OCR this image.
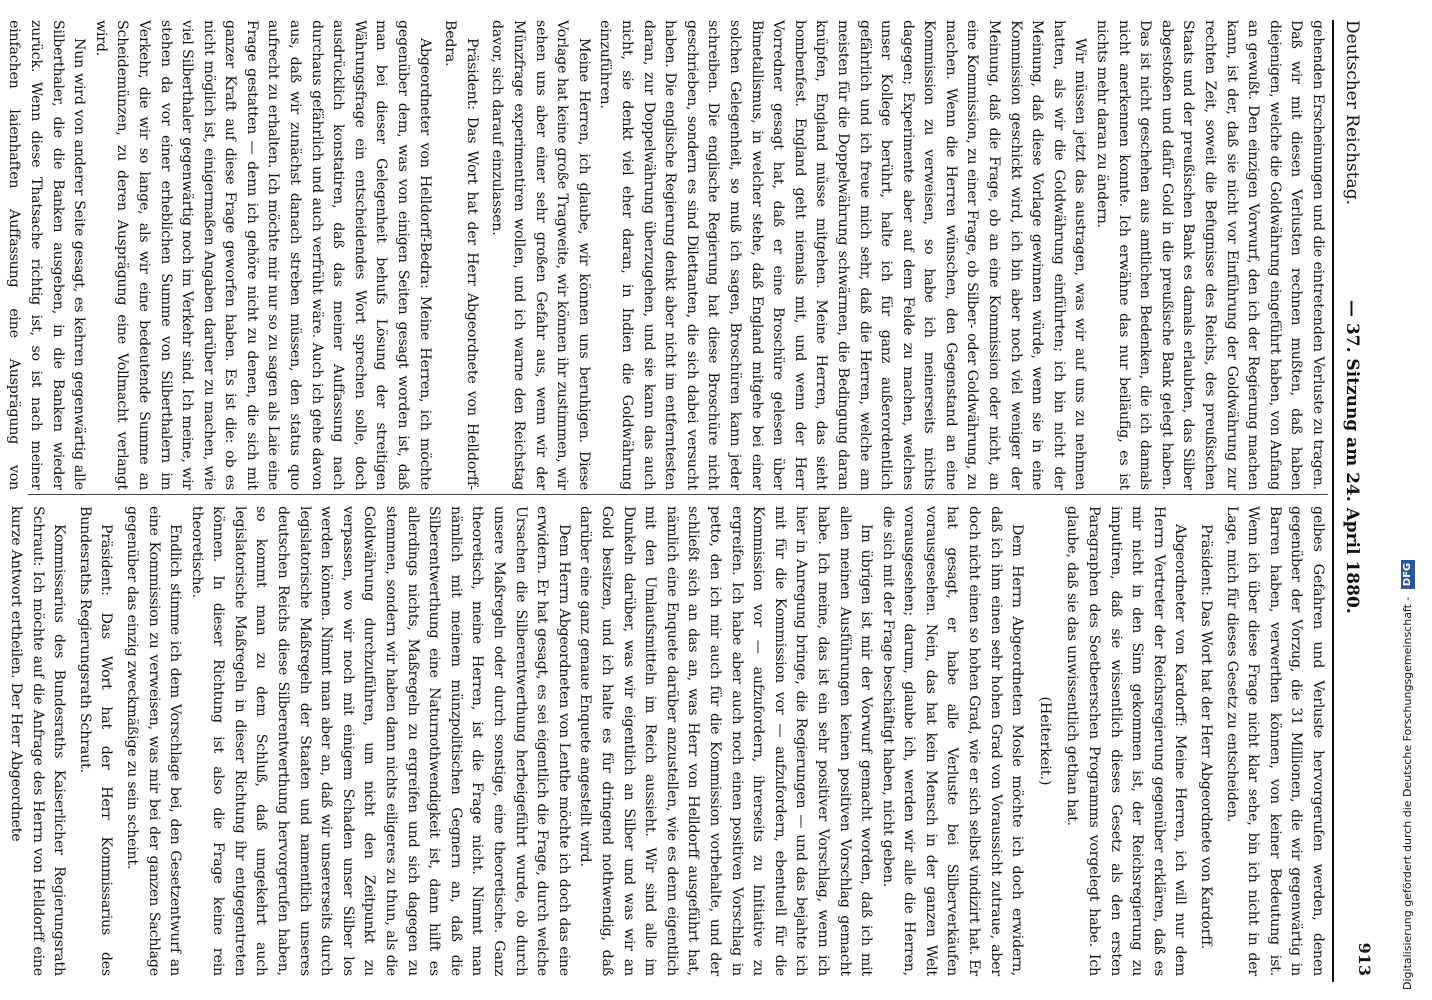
Deutscher Reichstag.
— 37. Sitzung am 24. April 1880.
913

gehenden Erscheinungen und die eintretenden Verluste zu tragen. Daß wir mit diesen Verlusten rechnen mußten, daß haben diejenigen, welche die Goldwährung eingeführt haben, von Anfang an gewußt. Den einzigen Vorwurf, den ich der Regierung machen kann, ist der, daß sie nicht vor Einführung der Goldwährung zur rechten Zeit, soweit die Befugnisse des Reichs, des preußischen Staats und der preußischen Bank es damals erlaubten, das Silber abgestoßen und dafür Gold in die preußische Bank gelegt haben. Das ist nicht geschehen aus amtlichen Bedenken, die ich damals nicht anerkennen konnte. Ich erwähne das nur beiläufig, es ist nichts mehr daran zu ändern.

Wir müssen jetzt das austragen, was wir auf uns zu nehmen hatten, als wir die Goldwährung einführten; ich bin nicht der Meinung, daß diese Vorlage gewinnen würde, wenn sie in eine Kommission geschickt wird, ich bin aber noch viel weniger der Meinung, daß die Frage, ob an eine Kommission oder nicht, an eine Kommission, zu einer Frage, ob Silber- oder Goldwährung, zu machen. Wenn die Herren wünschen, den Gegenstand an eine Kommission zu verweisen, so habe ich meinerseits nichts dagegen; Experimente aber auf dem Felde zu machen, welches unser Kollege berührt, halte ich für ganz außerordentlich gefährlich und ich freue mich sehr, daß die Herren, welche am meisten für die Doppelwährung schwärmen, die Bedingung daran knüpfen, England müsse mitgehen. Meine Herren, das sieht bombenfest. England geht niemals mit, und wenn der Herr Vorredner gesagt hat, daß er eine Broschüre gelesen über Bimetallismus, in welcher stehe, daß England mitgehe bei einer solchen Gelegenheit, so muß ich sagen, Broschüren kann jeder schreiben. Die englische Regierung hat diese Broschüre nicht geschrieben, sondern es sind Dilettanten, die sich dabei versucht haben. Die englische Regierung denkt aber nicht im entferntesten daran, zur Doppelwährung überzugehen, und sie kann das auch nicht, sie denkt viel eher daran, in Indien die Goldwährung einzuführen.

Meine Herren, ich glaube, wir können uns beruhigen. Diese Vorlage hat keine große Tragweite, wir können ihr zustimmen, wir sehen uns aber einer sehr großen Gefahr aus, wenn wir der Münzfrage experimentiren wollen, und ich warne den Reichstag davor, sich darauf einzulassen.

Präsident: Das Wort hat der Herr Abgeordnete von Helldorff-Bedra.

Abgeordneter von Helldorff-Bedra: Meine Herren, ich möchte gegenüber dem, was von einigen Seiten gesagt worden ist, daß man bei dieser Gelegenheit behufs Lösung der streitigen Währungsfrage ein entscheidendes Wort sprechen solle, doch ausdrücklich konstatiren, daß das meiner Auffassung nach durchaus gefährlich und auch verfrüht wäre. Auch ich gehe davon aus, daß wir zunächst danach streben müssen, den status quo aufrecht zu erhalten. Ich möchte mir nur so zu sagen als Laie eine Frage gestatten — denn ich gehöre nicht zu denen, die sich mit ganzer Kraft auf diese Frage geworfen haben. Es ist die: ob es nicht möglich ist, einigermaßen Angaben darüber zu machen, wie viel Silberthaler gegenwärtig noch im Verkehr sind. Ich meine, wir stehen da vor einer erheblichen Summe von Silberthalern im Verkehr, die wir so lange, als wir eine bedeutende Summe an Scheidemünzen, zu deren Ausprägung eine Vollmacht verlangt wird.

Nun wird von anderer Seite gesagt, es kehren gegenwärtig alle Silberthaler, die die Banken ausgeben, in die Banken wieder zurück. Wenn diese Thatsache richtig ist, so ist nach meiner einfachen laienhaften Auffassung eine Ausprägung von

gelbes Gefahren und Verluste hervorgerufen werden, denen gegenüber der Vorzug, die 31 Millionen, die wir gegenwärtig in Barren haben, verwerthen können, von keiner Bedeutung ist. Wenn ich über diese Frage nicht klar sehe, bin ich nicht in der Lage, mich für dieses Gesetz zu entscheiden.

Präsident: Das Wort hat der Herr Abgeordnete von Kardorff.

Abgeordneter von Kardorff: Meine Herren, ich will nur dem Herrn Vertreter der Reichsregierung gegenüber erklären, daß es mir nicht in den Sinn gekommen ist, der Reichsregierung zu imputiren, daß sie wissentlich dieses Gesetz als den ersten Paragraphen des Soetbeerschen Programms vorgelegt habe. Ich glaube, daß sie das unwissentlich gethan hat.

(Heiterkeit.)

Dem Herrn Abgeordneten Mosle möchte ich doch erwidern, daß ich ihm einen sehr hohen Grad von Voraussicht zutraue, aber doch nicht einen so hohen Grad, wie er sich selbst vindizirt hat. Er hat gesagt, er habe alle Verluste bei Silberverkäufen vorausgesehen. Nein, das hat kein Mensch in der ganzen Welt vorausgesehen; darum, glaube ich, werden wir alle die Herren, die sich mit der Frage beschäftigt haben, nicht geben.

Im übrigen ist mir der Vorwurf gemacht worden, daß ich mit allen meinen Ausführungen keinen positiven Vorschlag gemacht habe. Ich meine, das ist ein sehr positiver Vorschlag, wenn ich hier in Anregung bringe, die Regierungen — und das bejahte ich mit für die Kommission vor — aufzufordern, ebentuell für die Kommission vor — aufzufordern, ihrerseits zu Initiative zu ergreifen. Ich habe aber auch noch einen positiven Vorschlag in petto, den ich mir auch für die Kommission vorbehalte, und der schließt sich an das an, was Herr von Helldorff ausgeführt hat, nämlich eine Enquete darüber anzustellen, wie es denn eigentlich mit den Umlaufsmitteln im Reich aussieht. Wir sind alle im Dunkeln darüber, was wir eigentlich an Silber und was wir an Gold besitzen, und ich halte es für dringend nothwendig, daß darüber eine ganz genaue Enquete angestellt wird.

Dem Herrn Abgeordneten von Lenthe möchte ich doch das eine erwidern. Er hat gesagt, es sei eigentlich die Frage, durch welche Ursachen die Silberentwerthung herbeigeführt wurde, ob durch unsere Maßregeln oder durch sonstige, eine theoretische. Ganz theoretisch, meine Herren, ist die Frage nicht. Nimmt man nämlich mit meinem münzpolitischen Gegnern an, daß die Silberentwerthung eine Naturnothwendigkeit ist, dann hilft es allerdings nichts, Maßregeln zu ergreifen und sich dagegen zu stemmen, sondern wir haben dann nichts eiligeres zu thun, als die Goldwährung durchzuführen, um nicht den Zeitpunkt zu verpassen, wo wir noch mit einigem Schaden unser Silber los werden können. Nimmt man aber an, daß wir unsererseits durch legislatorische Maßregeln der Staaten und namentlich unseres deutschen Reichs diese Silberentwerthung hervorgerufen haben, so kommt man zu dem Schluß, daß umgekehrt auch legislatorische Maßregeln in dieser Richtung ihr entgegentreten können. In dieser Richtung ist also die Frage keine rein theoretische.

Endlich stimme ich dem Vorschlage bei, den Gesetzentwurf an eine Kommission zu verweisen, was mir bei der ganzen Sachlage gegenüber das einzig zweckmäßige zu sein scheint.

Präsident: Das Wort hat der Herr Kommissarius des Bundesraths Regierungsrath Schraut.

Kommissarius des Bundesraths Kaiserlicher Regierungsrath Schraut: Ich möchte auf die Anfrage des Herrn von Helldorff eine kurze Antwort ertheilen. Der Herr Abgeordnete	Digitalisierung gefördert durch die Deutsche Forschungsgemeinschaft - DFG
